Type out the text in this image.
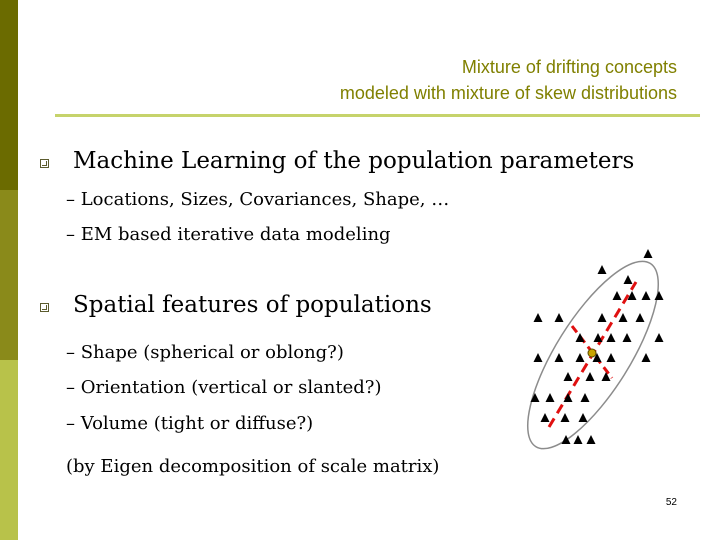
Mixture of drifting concepts
modeled with mixture of skew distributions
Machine Learning of the population parameters
– Locations, Sizes, Covariances, Shape, …
– EM based iterative data modeling
Spatial features of populations
– Shape (spherical or oblong?)
– Orientation (vertical or slanted?)
– Volume (tight or diffuse?)
(by Eigen decomposition of scale matrix)
52
